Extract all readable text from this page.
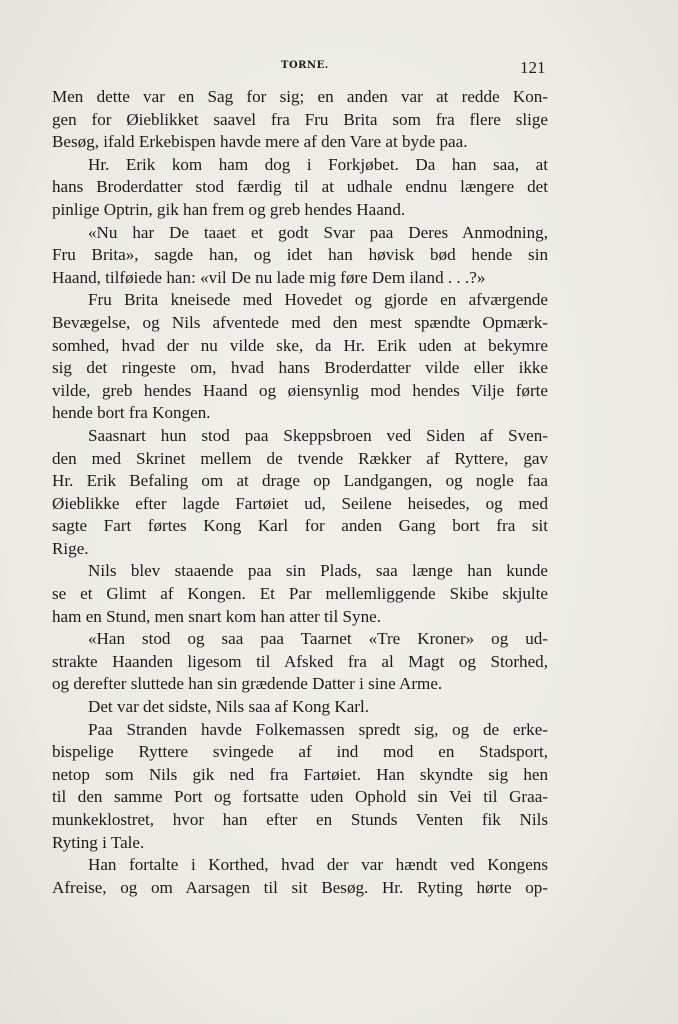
TORNE.	121
Men dette var en Sag for sig; en anden var at redde Kon-
gen for Øieblikket saavel fra Fru Brita som fra flere slige
Besøg, ifald Erkebispen havde mere af den Vare at byde paa.
Hr. Erik kom ham dog i Forkjøbet. Da han saa, at
hans Broderdatter stod færdig til at udhale endnu længere det
pinlige Optrin, gik han frem og greb hendes Haand.
«Nu har De taaet et godt Svar paa Deres Anmodning,
Fru Brita», sagde han, og idet han høvisk bød hende sin
Haand, tilføiede han: «vil De nu lade mig føre Dem iland . . .?»
Fru Brita kneisede med Hovedet og gjorde en afværgende
Bevægelse, og Nils afventede med den mest spændte Opmærk-
somhed, hvad der nu vilde ske, da Hr. Erik uden at bekymre
sig det ringeste om, hvad hans Broderdatter vilde eller ikke
vilde, greb hendes Haand og øiensynlig mod hendes Vilje førte
hende bort fra Kongen.
Saasnart hun stod paa Skeppsbroen ved Siden af Sven-
den med Skrinet mellem de tvende Rækker af Ryttere, gav
Hr. Erik Befaling om at drage op Landgangen, og nogle faa
Øieblikke efter lagde Fartøiet ud, Seilene heisedes, og med
sagte Fart førtes Kong Karl for anden Gang bort fra sit
Rige.
Nils blev staaende paa sin Plads, saa længe han kunde
se et Glimt af Kongen. Et Par mellemliggende Skibe skjulte
ham en Stund, men snart kom han atter til Syne.
«Han stod og saa paa Taarnet «Tre Kroner» og ud-
strakte Haanden ligesom til Afsked fra al Magt og Storhed,
og derefter sluttede han sin grædende Datter i sine Arme.
Det var det sidste, Nils saa af Kong Karl.
Paa Stranden havde Folkemassen spredt sig, og de erke-
bispelige Ryttere svingede af ind mod en Stadsport,
netop som Nils gik ned fra Fartøiet. Han skyndte sig hen
til den samme Port og fortsatte uden Ophold sin Vei til Graa-
munkeklostret, hvor han efter en Stunds Venten fik Nils
Ryting i Tale.
Han fortalte i Korthed, hvad der var hændt ved Kongens
Afreise, og om Aarsagen til sit Besøg. Hr. Ryting hørte op-
